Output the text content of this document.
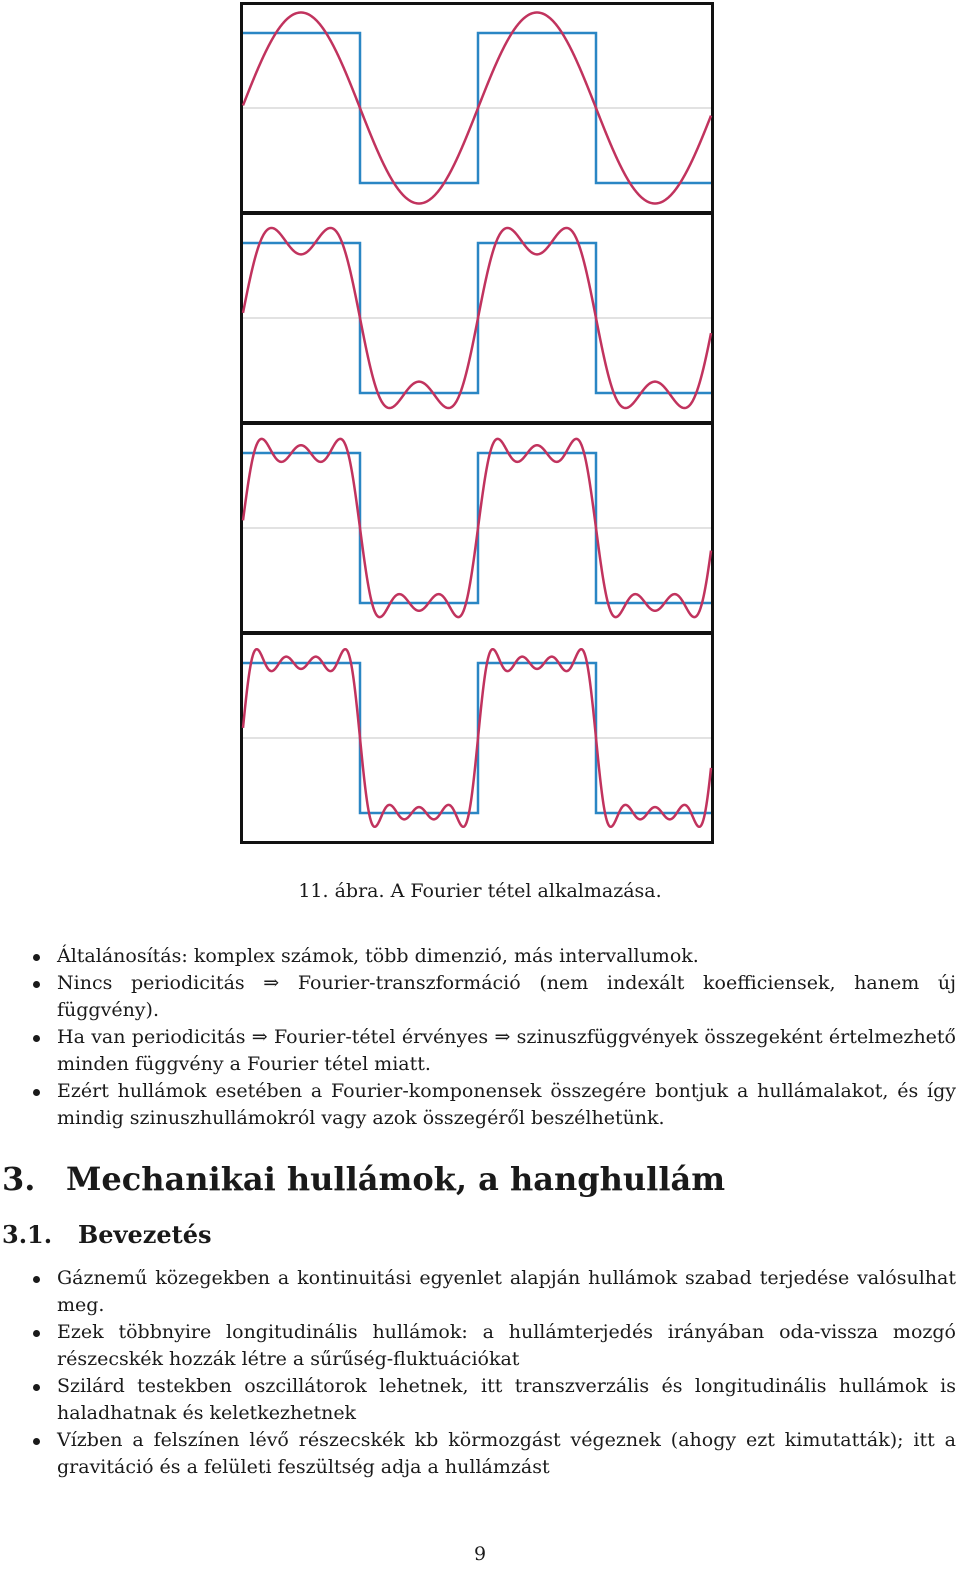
11. ábra. A Fourier tétel alkalmazása.
Általánosítás: komplex számok, több dimenzió, más intervallumok.
Nincs periodicitás ⇒ Fourier-transzformáció (nem indexált koefficiensek, hanem új függvény).
Ha van periodicitás ⇒ Fourier-tétel érvényes ⇒ szinuszfüggvények összegeként értelmezhető minden függvény a Fourier tétel miatt.
Ezért hullámok esetében a Fourier-komponensek összegére bontjuk a hullámalakot, és így mindig szinuszhullámokról vagy azok összegéről beszélhetünk.
3. Mechanikai hullámok, a hanghullám
3.1. Bevezetés
Gáznemű közegekben a kontinuitási egyenlet alapján hullámok szabad terjedése valósulhat meg.
Ezek többnyire longitudinális hullámok: a hullámterjedés irányában oda-vissza mozgó részecskék hozzák létre a sűrűség-fluktuációkat
Szilárd testekben oszcillátorok lehetnek, itt transzverzális és longitudinális hullámok is haladhatnak és keletkezhetnek
Vízben a felszínen lévő részecskék kb körmozgást végeznek (ahogy ezt kimutatták); itt a gravitáció és a felületi feszültség adja a hullámzást
9
